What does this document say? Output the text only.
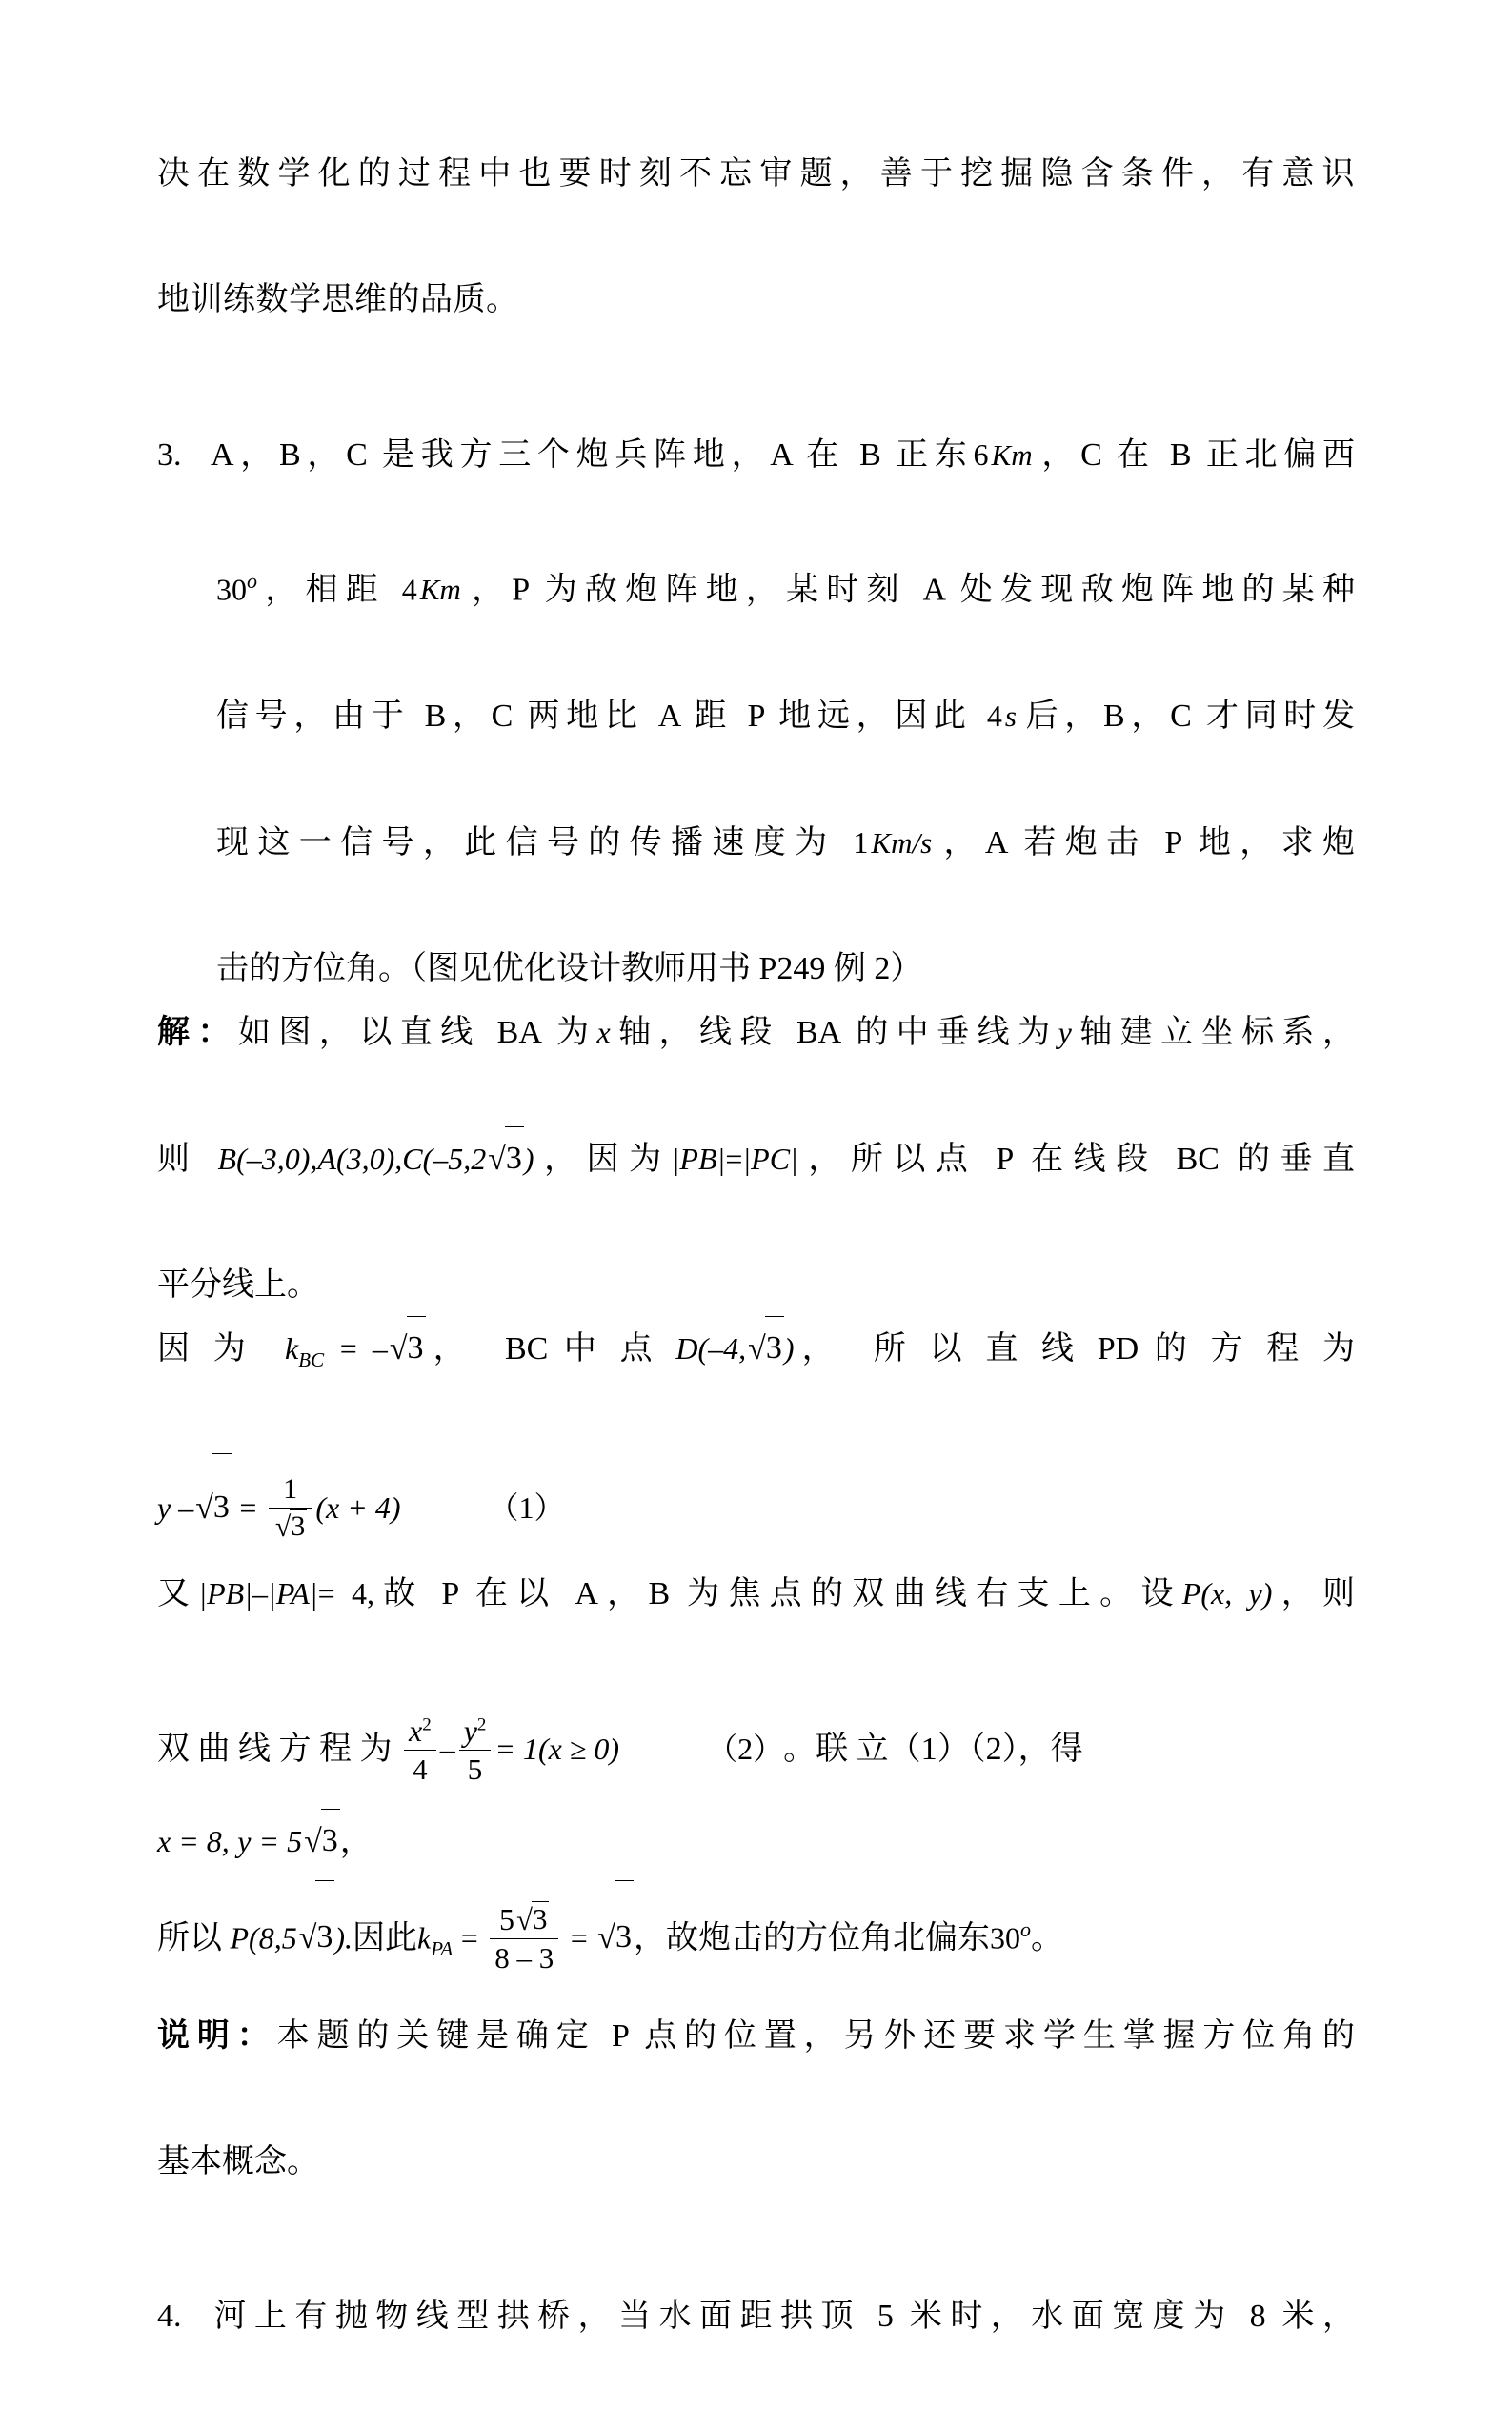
决在数学化的过程中也要时刻不忘审题，善于挖掘隐含条件，有意识

地训练数学思维的品质。

3. A，B，C 是我方三个炮兵阵地，A 在 B 正东6Km，C 在 B 正北偏西

30$^o$，相距 4Km，P 为敌炮阵地，某时刻 A 处发现敌炮阵地的某种

信号，由于 B，C 两地比 A 距 P 地远，因此 4s后，B，C 才同时发

现这一信号，此信号的传播速度为 1Km/s，A 若炮击 P 地，求炮

击的方位角。（图见优化设计教师用书 P249 例 2）

解：如图，以直线 BA 为x轴，线段 BA 的中垂线为y轴建立坐标系，

则 B(–3,0),A(3,0),C(–5,2√3)，因为|PB|=|PC|，所以点 P 在线段 BC 的垂直

平分线上。

因 为 $k_{BC} = -√3$， BC 中 点 D(–4,√3)， 所 以 直 线 PD 的 方 程 为

y $-√3 = \frac{1}{√3} (x + 4)$	（1）

又|PB|–|PA|= 4,故 P 在以 A，B 为焦点的双曲线右支上。设P(x, y)，则

双 曲 线 方 程 为 $\frac{x^2}{4} - \frac{y^2}{5} = 1(x \ge 0)$	（2）。联 立（1）（2），得

x = 8, y = 5√3，

所以 P(8,5√3).因此$k_{PA} = \frac{5√3}{8 - 3} = √3$，故炮击的方位角北偏东30$^o$。

说明：本题的关键是确定 P 点的位置，另外还要求学生掌握方位角的

基本概念。

4. 河上有抛物线型拱桥，当水面距拱顶 5 米时，水面宽度为 8 米，
